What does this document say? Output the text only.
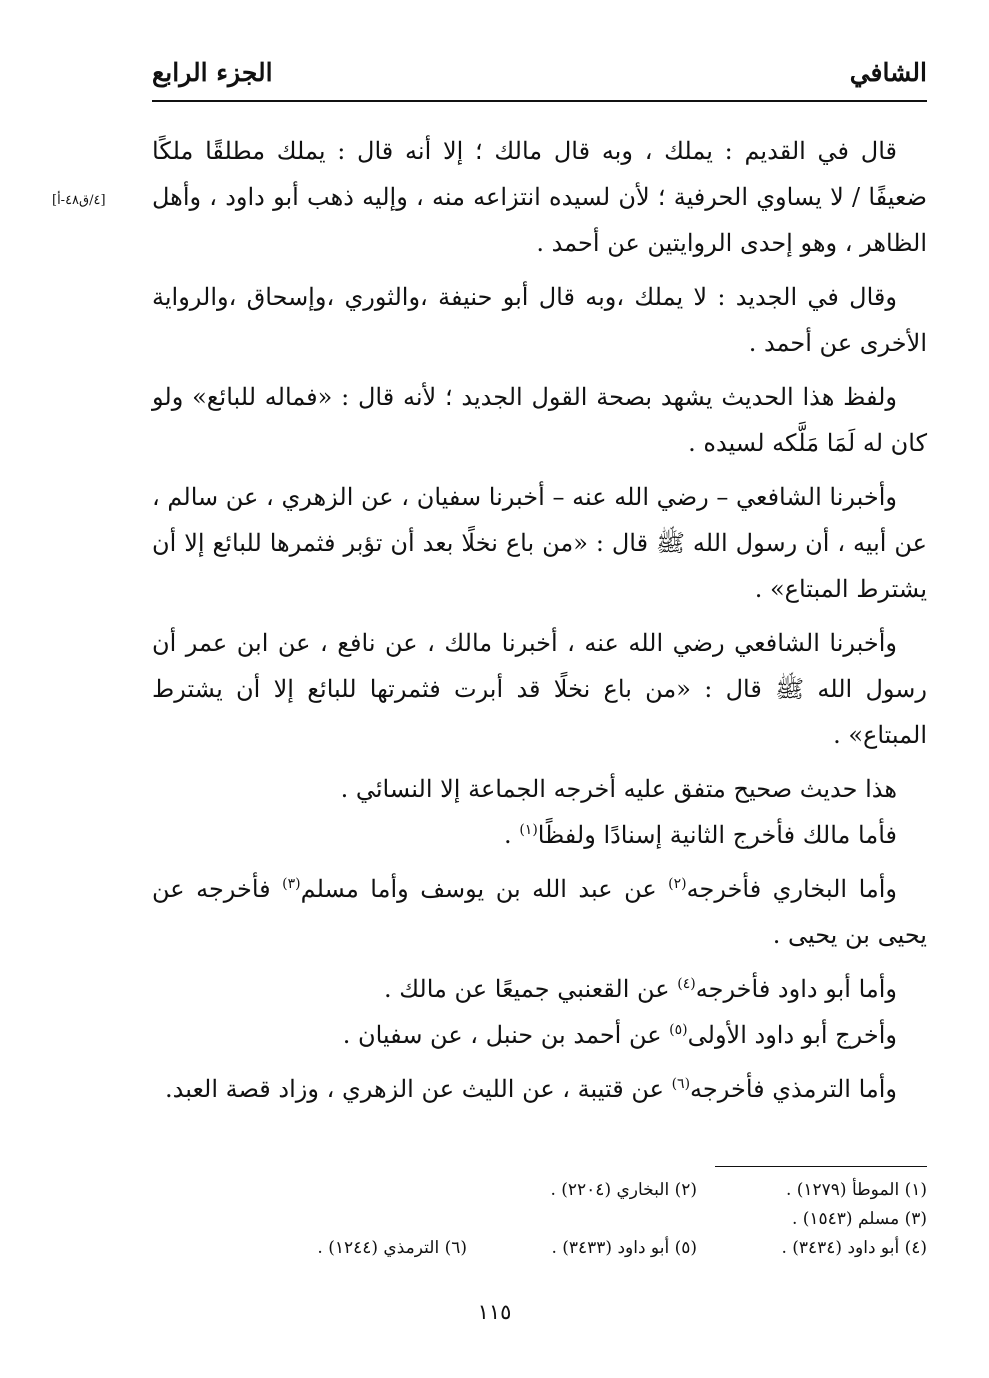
الشافي
الجزء الرابع
[٤/ق٤٨-أ]

قال في القديم : يملك ، وبه قال مالك ؛ إلا أنه قال : يملك مطلقًا ملكًا ضعيفًا / لا يساوي الحرفية ؛ لأن لسيده انتزاعه منه ، وإليه ذهب أبو داود ، وأهل الظاهر ، وهو إحدى الروايتين عن أحمد .

وقال في الجديد : لا يملك ،وبه قال أبو حنيفة ،والثوري ،وإسحاق ،والرواية الأخرى عن أحمد .

ولفظ هذا الحديث يشهد بصحة القول الجديد ؛ لأنه قال : «فماله للبائع» ولو كان له لَمَا مَلَّكه لسيده .

وأخبرنا الشافعي – رضي الله عنه – أخبرنا سفيان ، عن الزهري ، عن سالم ، عن أبيه ، أن رسول الله ﷺ قال : «من باع نخلًا بعد أن تؤبر فثمرها للبائع إلا أن يشترط المبتاع» .

وأخبرنا الشافعي رضي الله عنه ، أخبرنا مالك ، عن نافع ، عن ابن عمر أن رسول الله ﷺ قال : «من باع نخلًا قد أبرت فثمرتها للبائع إلا أن يشترط المبتاع» .

هذا حديث صحيح متفق عليه أخرجه الجماعة إلا النسائي .

فأما مالك فأخرج الثانية إسنادًا ولفظًا$^{(١)}$ .

وأما البخاري فأخرجه$^{(٢)}$ عن عبد الله بن يوسف وأما مسلم$^{(٣)}$ فأخرجه عن يحيى بن يحيى .

وأما أبو داود فأخرجه$^{(٤)}$ عن القعنبي جميعًا عن مالك .

وأخرج أبو داود الأولى$^{(٥)}$ عن أحمد بن حنبل ، عن سفيان .

وأما الترمذي فأخرجه$^{(٦)}$ عن قتيبة ، عن الليث عن الزهري ، وزاد قصة العبد.

(١) الموطأ (١٢٧٩) .
(٢) البخاري (٢٢٠٤) .
(٣) مسلم (١٥٤٣) .
(٤) أبو داود (٣٤٣٤) .
(٥) أبو داود (٣٤٣٣) .
(٦) الترمذي (١٢٤٤) .
١١٥
